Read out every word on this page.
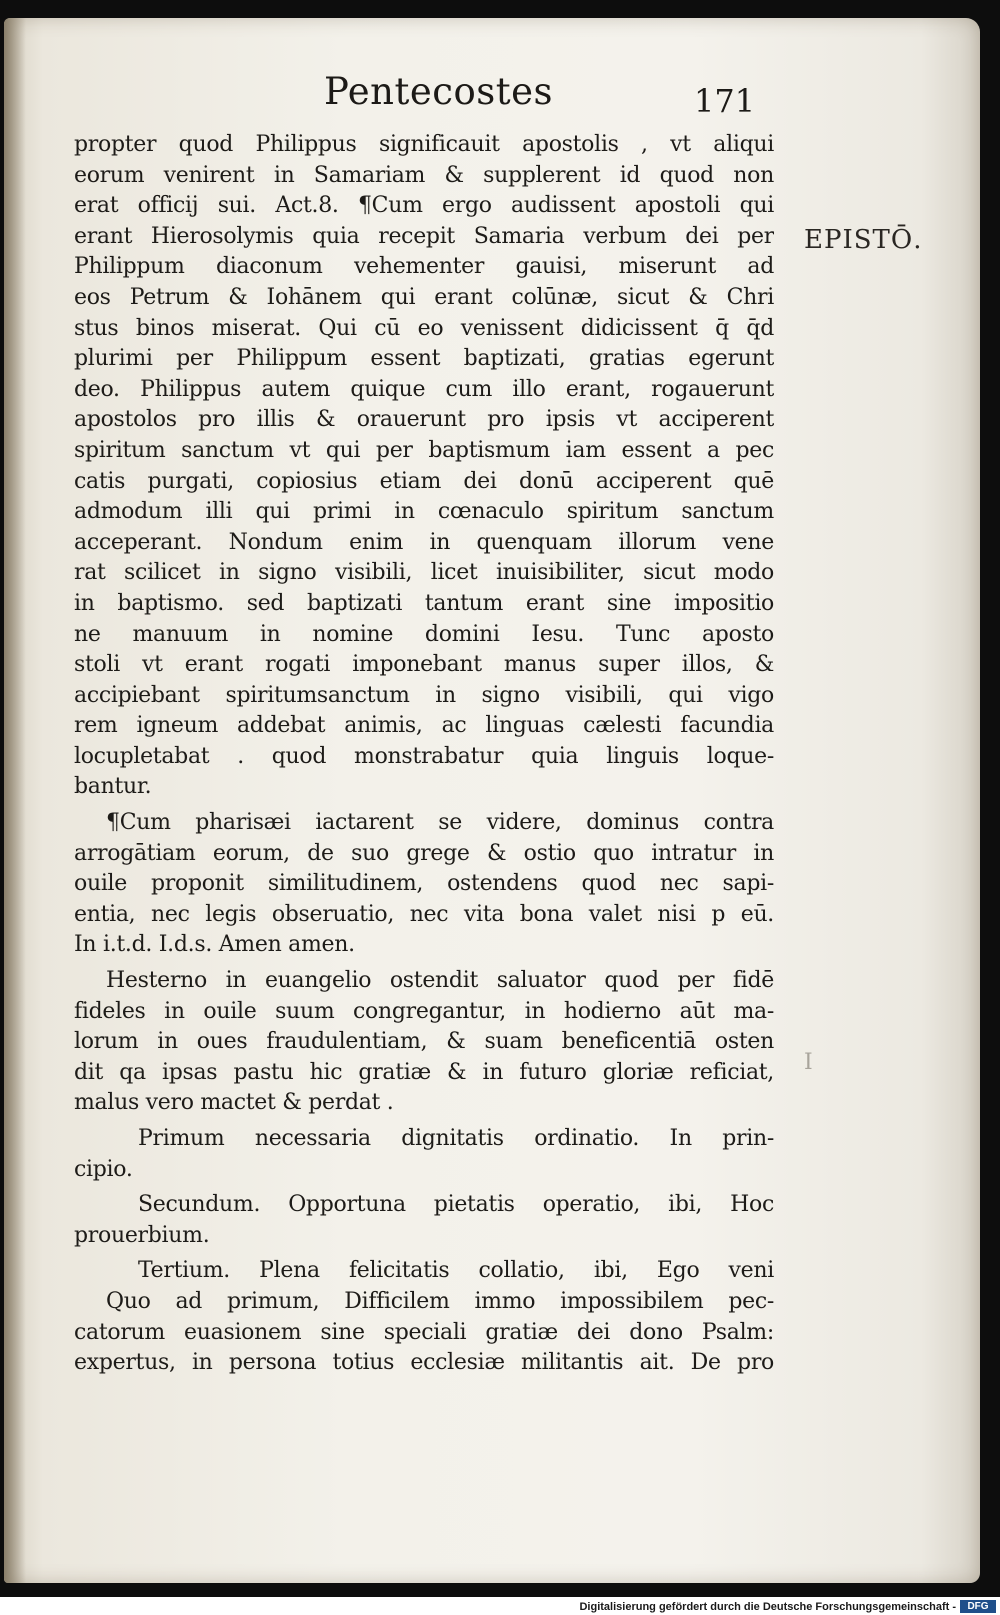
Pentecostes	171
EPISTŌ.
I
propter quod Philippus significauit apostolis , vt aliqui
eorum venirent in Samariam & supplerent id quod non
erat officij sui. Act.8. ¶Cum ergo audissent apostoli qui
erant Hierosolymis quia recepit Samaria verbum dei per
Philippum diaconum vehementer gauisi, miserunt ad
eos Petrum & Iohānem qui erant colūnæ, sicut & Chri
stus binos miserat. Qui cū eo venissent didicissent q̄ q̄d
plurimi per Philippum essent baptizati, gratias egerunt
deo. Philippus autem quique cum illo erant, rogauerunt
apostolos pro illis & orauerunt pro ipsis vt acciperent
spiritum sanctum vt qui per baptismum iam essent a pec
catis purgati, copiosius etiam dei donū acciperent quē
admodum illi qui primi in cœnaculo spiritum sanctum
acceperant. Nondum enim in quenquam illorum vene
rat scilicet in signo visibili, licet inuisibiliter, sicut modo
in baptismo. sed baptizati tantum erant sine impositio
ne manuum in nomine domini Iesu. Tunc aposto
stoli vt erant rogati imponebant manus super illos, &
accipiebant spiritumsanctum in signo visibili, qui vigo
rem igneum addebat animis, ac linguas cælesti facundia
locupletabat . quod monstrabatur quia linguis loque-
bantur.
¶Cum pharisæi iactarent se videre, dominus contra
arrogātiam eorum, de suo grege & ostio quo intratur in
ouile proponit similitudinem, ostendens quod nec sapi-
entia, nec legis obseruatio, nec vita bona valet nisi p eū.
In i.t.d. I.d.s. Amen amen.
Hesterno in euangelio ostendit saluator quod per fidē
fideles in ouile suum congregantur, in hodierno aūt ma-
lorum in oues fraudulentiam, & suam beneficentiā osten
dit qa ipsas pastu hic gratiæ & in futuro gloriæ reficiat,
malus vero mactet & perdat .
Primum necessaria dignitatis ordinatio. In prin-
cipio.
Secundum. Opportuna pietatis operatio, ibi, Hoc
prouerbium.
Tertium. Plena felicitatis collatio, ibi, Ego veni
Quo ad primum, Difficilem immo impossibilem pec-
catorum euasionem sine speciali gratiæ dei dono Psalm:
expertus, in persona totius ecclesiæ militantis ait. De pro
Digitalisierung gefördert durch die Deutsche Forschungsgemeinschaft -	DFG
